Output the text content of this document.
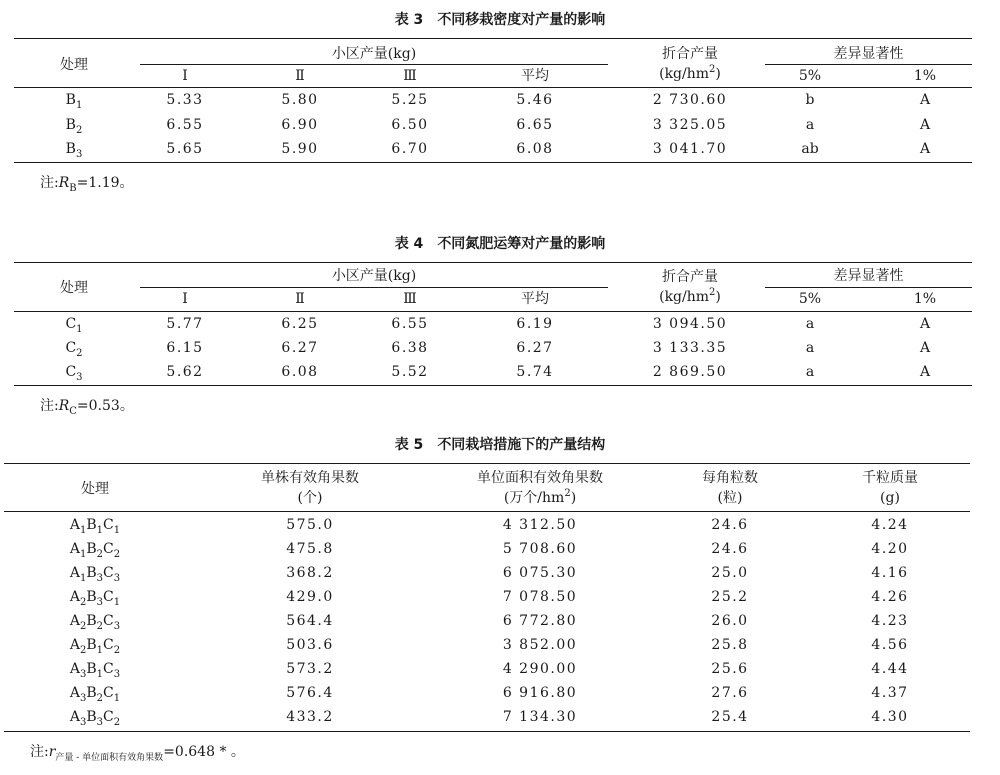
表 3 不同移栽密度对产量的影响
处理
小区产量(kg)
Ⅰ	Ⅱ	Ⅲ	平均
折合产量
$(kg/hm^2)$
差异显著性
5%	1%
$B_1$	5.33	5.80	5.25	5.46	2 730.60	b	A
$B_2$	6.55	6.90	6.50	6.65	3 325.05	a	A
$B_3$	5.65	5.90	6.70	6.08	3 041.70	ab	A
注$:R_B=1.19$。
表 4 不同氮肥运筹对产量的影响
处理
小区产量(kg)
Ⅰ	Ⅱ	Ⅲ	平均
折合产量
$(kg/hm^2)$
差异显著性
5%	1%
$C_1$	5.77	6.25	6.55	6.19	3 094.50	a	A
$C_2$	6.15	6.27	6.38	6.27	3 133.35	a	A
$C_3$	5.62	6.08	5.52	5.74	2 869.50	a	A
注$:R_C=0.53$。
表 5 不同栽培措施下的产量结构
处理
单株有效角果数
(个)
单位面积有效角果数
(万个$/hm^2$)
每角粒数
(粒)
千粒质量
(g)
$A_1B_1C_1$	575.0	4 312.50	24.6	4.24
$A_1B_2C_2$	475.8	5 708.60	24.6	4.20
$A_1B_3C_3$	368.2	6 075.30	25.0	4.16
$A_2B_3C_1$	429.0	7 078.50	25.2	4.26
$A_2B_2C_3$	564.4	6 772.80	26.0	4.23
$A_2B_1C_2$	503.6	3 852.00	25.8	4.56
$A_3B_1C_3$	573.2	4 290.00	25.6	4.44
$A_3B_2C_1$	576.4	6 916.80	27.6	4.37
$A_3B_3C_2$	433.2	7 134.30	25.4	4.30
注$:r_{产量 - 单位面积有效角果数}=0.648$ * 。
